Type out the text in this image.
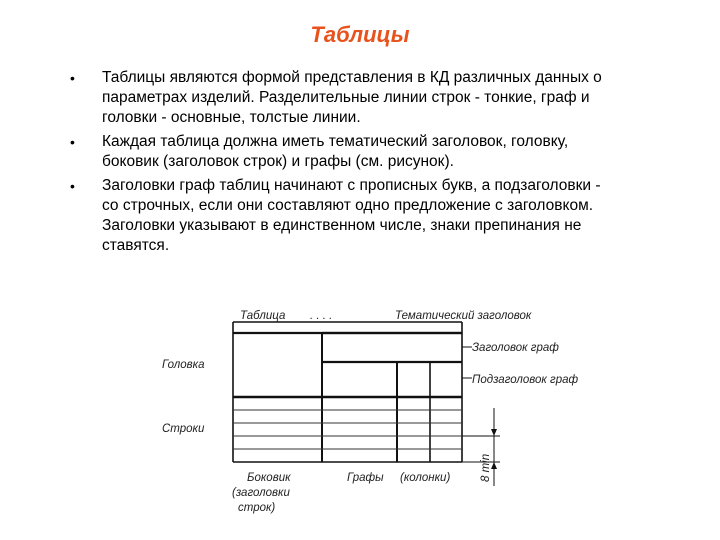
Таблицы
• Таблицы являются формой представления в КД различных данных о параметрах изделий. Разделительные линии строк - тонкие, граф и головки - основные, толстые линии.
• Каждая таблица должна иметь тематический заголовок, головку, боковик (заголовок строк) и графы (см. рисунок).
• Заголовки граф таблиц начинают с прописных букв, а подзаголовки - со строчных, если они составляют одно предложение с заголовком. Заголовки указывают в единственном числе, знаки препинания не ставятся.
Таблица . . . .	Тематический заголовок
Заголовок граф
Подзаголовок граф
Головка
Строки
Боковик
(заголовки
строк)
Графы (колонки)	8 min
